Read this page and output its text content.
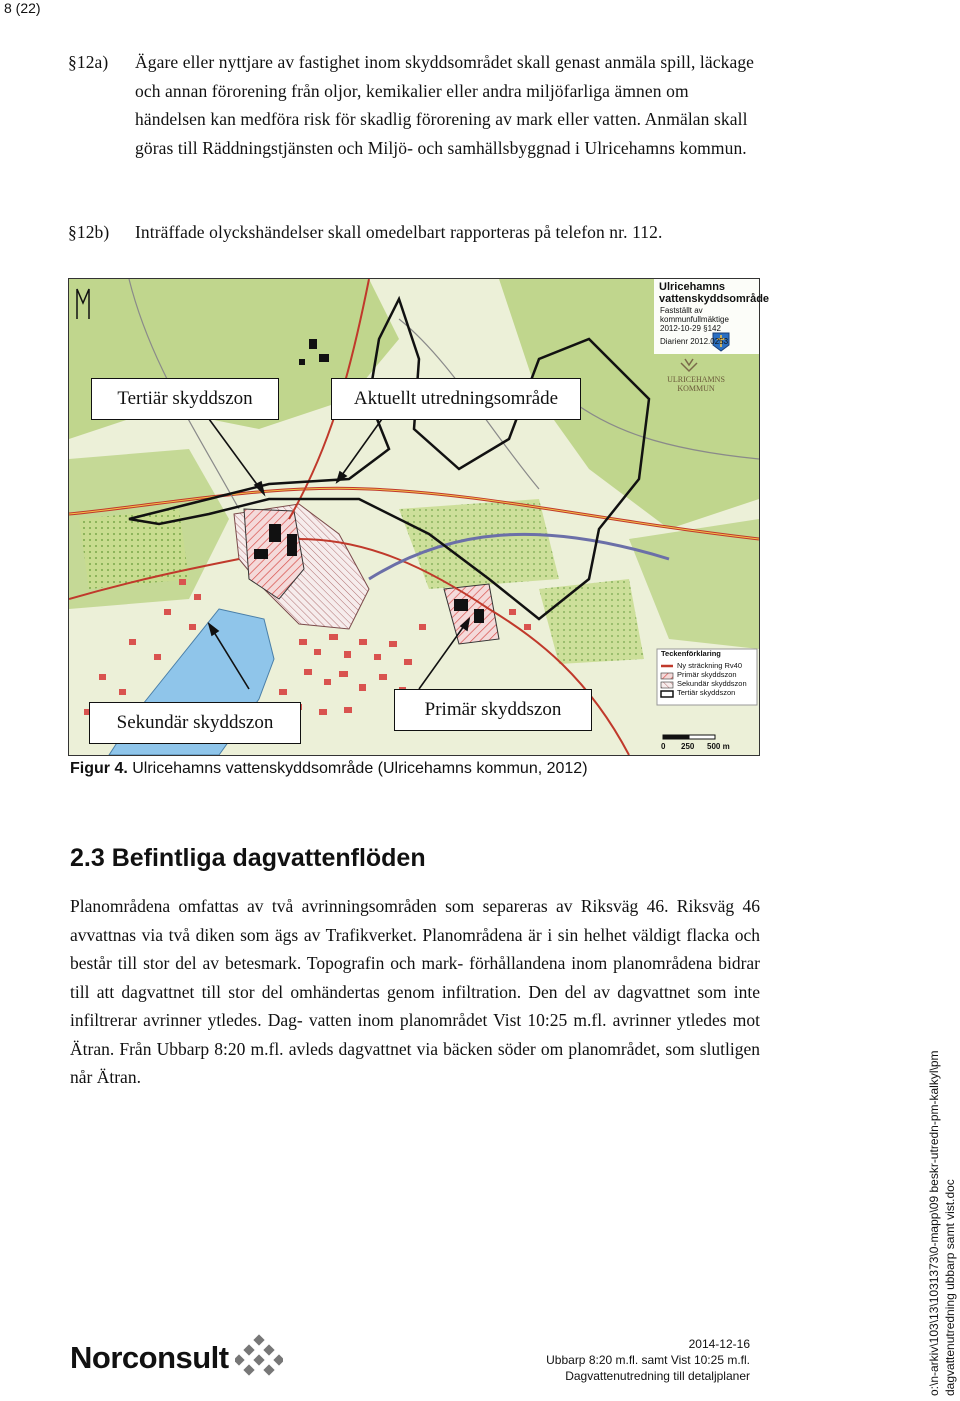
8 (22)
§12a) Ägare eller nyttjare av fastighet inom skyddsområdet skall genast anmäla spill, läckage och annan förorening från oljor, kemikalier eller andra miljöfarliga ämnen om händelsen kan medföra risk för skadlig förorening av mark eller vatten. Anmälan skall göras till Räddningstjänsten och Miljö- och samhällsbyggnad i Ulricehamns kommun.
§12b) Inträffade olyckshändelser skall omedelbart rapporteras på telefon nr. 112.
Ulricehamns
vattenskyddsområde
Fastställt av
kommunfullmäktige
2012-10-29 §142
Diarienr 2012.0253
ULRICEHAMNS
KOMMUN
Tertiär skyddszon	Aktuellt utredningsområde
Sekundär skyddszon
Primär skyddszon
Teckenförklaring
Ny sträckning Rv40
Primär skyddszon
Sekundär skyddszon
Tertiär skyddszon
0 250 500 m
Figur 4. Ulricehamns vattenskyddsområde (Ulricehamns kommun, 2012)
2.3 Befintliga dagvattenflöden

Planområdena omfattas av två avrinningsområden som separeras av Riksväg 46. Riksväg 46 avvattnas via två diken som ägs av Trafikverket. Planområdena är i sin helhet väldigt flacka och består till stor del av betesmark. Topografin och mark- förhållandena inom planområdena bidrar till att dagvattnet till stor del omhändertas genom infiltration. Den del av dagvattnet som inte infiltrerar avrinner ytledes. Dag- vatten inom planområdet Vist 10:25 m.fl. avrinner ytledes mot Ätran. Från Ubbarp 8:20 m.fl. avleds dagvattnet via bäcken söder om planområdet, som slutligen når Ätran.

Norconsult	2014-12-16
Ubbarp 8:20 m.fl. samt Vist 10:25 m.fl.
Dagvattenutredning till detaljplaner	o:\n-arkiv\103\13\1031373\0-mapp\09 beskr-utredn-pm-kalkyl\pm dagvattenutredning ubbarp samt vist.doc
